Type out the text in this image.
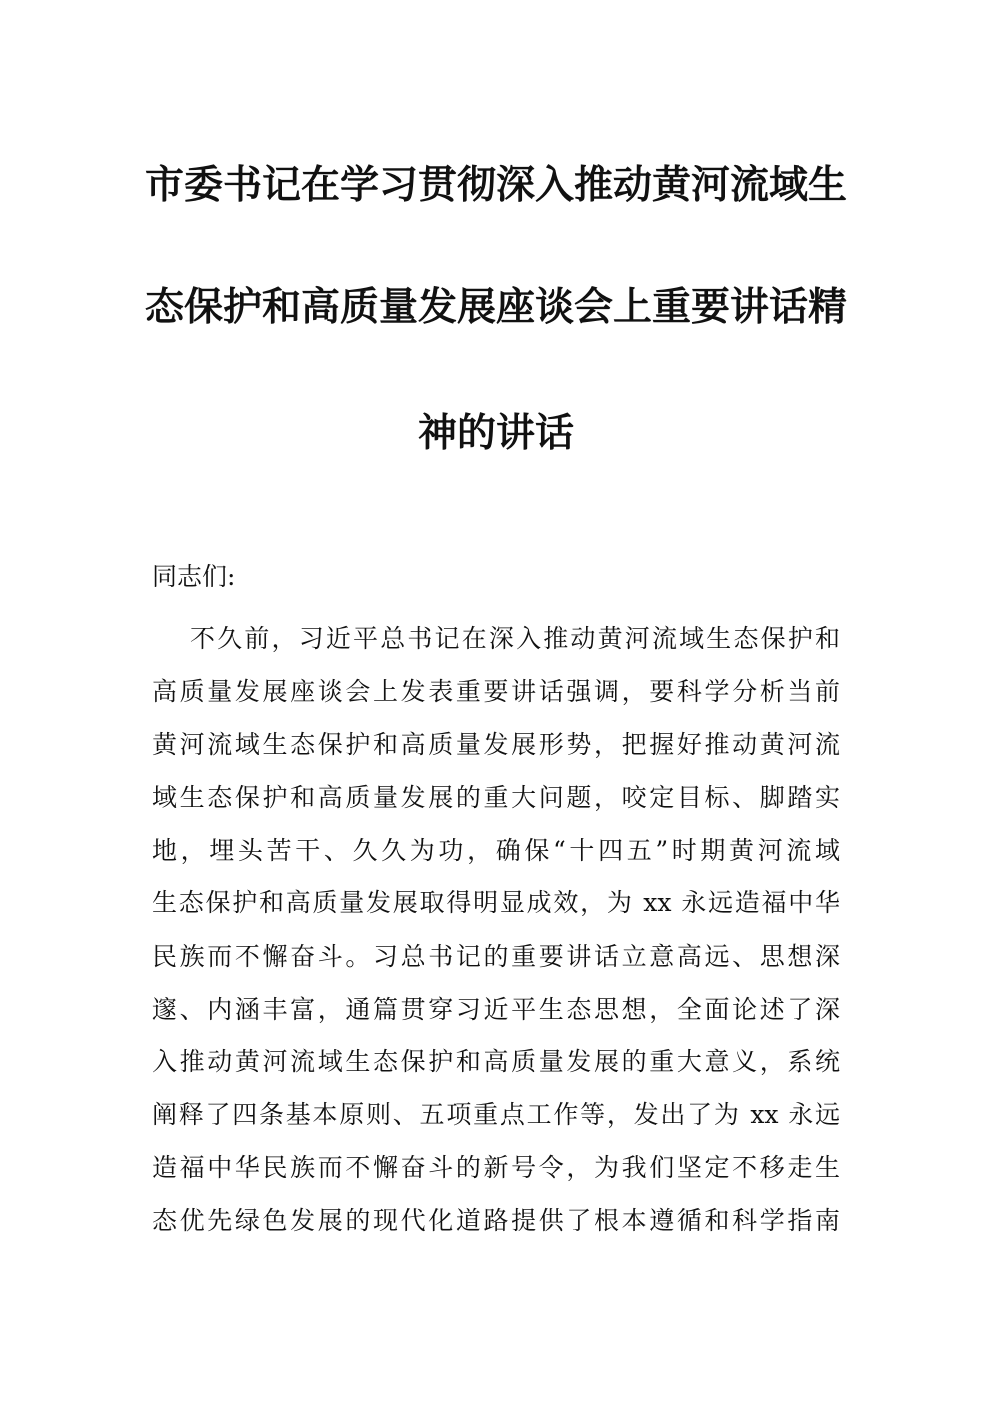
市委书记在学习贯彻深入推动黄河流域生
态保护和高质量发展座谈会上重要讲话精
神的讲话
同志们:
不久前，习近平总书记在深入推动黄河流域生态保护和
高质量发展座谈会上发表重要讲话强调，要科学分析当前
黄河流域生态保护和高质量发展形势，把握好推动黄河流
域生态保护和高质量发展的重大问题，咬定目标、脚踏实
地，埋头苦干、久久为功，确保“十四五”时期黄河流域
生态保护和高质量发展取得明显成效，为 xx 永远造福中华
民族而不懈奋斗。习总书记的重要讲话立意高远、思想深
邃、内涵丰富，通篇贯穿习近平生态思想，全面论述了深
入推动黄河流域生态保护和高质量发展的重大意义，系统
阐释了四条基本原则、五项重点工作等，发出了为 xx 永远
造福中华民族而不懈奋斗的新号令，为我们坚定不移走生
态优先绿色发展的现代化道路提供了根本遵循和科学指南
